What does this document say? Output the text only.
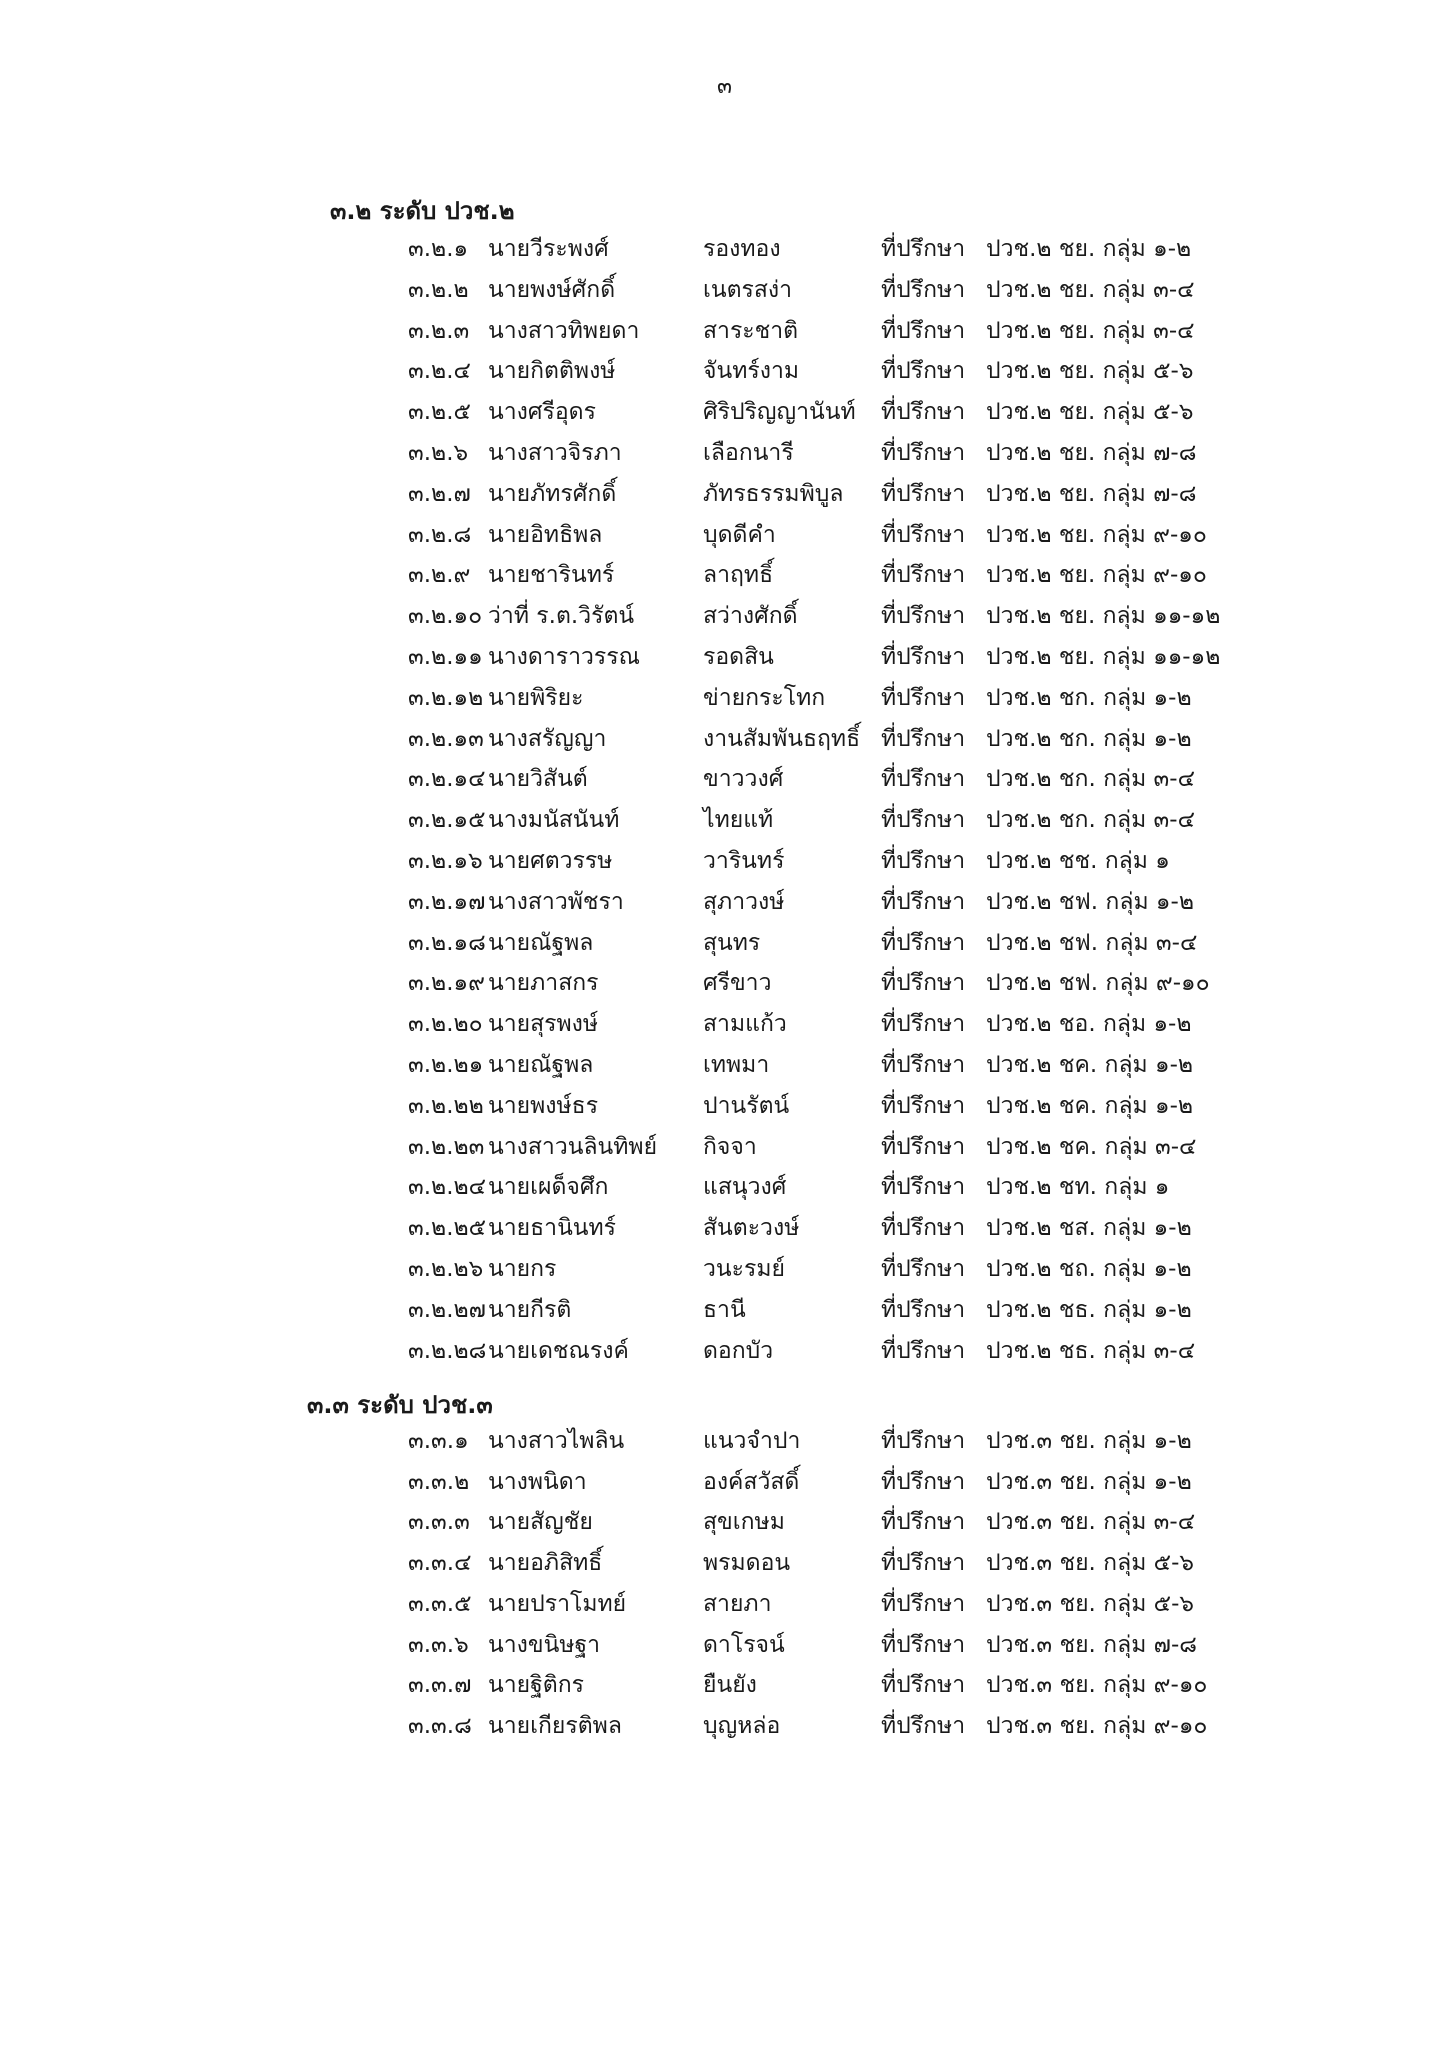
๓
๓.๒ ระดับ ปวช.๒
๓.๓ ระดับ ปวช.๓
๓.๒.๑ นายวีระพงศ์	รองทอง	ที่ปรึกษา ปวช.๒ ชย. กลุ่ม ๑-๒
๓.๒.๒ นายพงษ์ศักดิ์	เนตรสง่า	ที่ปรึกษา ปวช.๒ ชย. กลุ่ม ๓-๔
๓.๒.๓ นางสาวทิพยดา	สาระชาติ	ที่ปรึกษา ปวช.๒ ชย. กลุ่ม ๓-๔
๓.๒.๔ นายกิตติพงษ์	จันทร์งาม	ที่ปรึกษา ปวช.๒ ชย. กลุ่ม ๕-๖
๓.๒.๕ นางศรีอุดร	ศิริปริญญานันท์ ที่ปรึกษา ปวช.๒ ชย. กลุ่ม ๕-๖
๓.๒.๖ นางสาวจิรภา	เลือกนารี	ที่ปรึกษา ปวช.๒ ชย. กลุ่ม ๗-๘
๓.๒.๗ นายภัทรศักดิ์	ภัทรธรรมพิบูล ที่ปรึกษา ปวช.๒ ชย. กลุ่ม ๗-๘
๓.๒.๘ นายอิทธิพล	บุดดีคำ	ที่ปรึกษา ปวช.๒ ชย. กลุ่ม ๙-๑๐
๓.๒.๙ นายชารินทร์	ลาฤทธิ์	ที่ปรึกษา ปวช.๒ ชย. กลุ่ม ๙-๑๐
๓.๒.๑๐ ว่าที่ ร.ต.วิรัตน์	สว่างศักดิ์	ที่ปรึกษา ปวช.๒ ชย. กลุ่ม ๑๑-๑๒
๓.๒.๑๑ นางดาราวรรณ	รอดสิน	ที่ปรึกษา ปวช.๒ ชย. กลุ่ม ๑๑-๑๒
๓.๒.๑๒ นายพิริยะ	ข่ายกระโทก ที่ปรึกษา ปวช.๒ ชก. กลุ่ม ๑-๒
๓.๒.๑๓ นางสรัญญา	งานสัมพันธฤทธิ์ ที่ปรึกษา ปวช.๒ ชก. กลุ่ม ๑-๒
๓.๒.๑๔ นายวิสันต์	ขาววงศ์	ที่ปรึกษา ปวช.๒ ชก. กลุ่ม ๓-๔
๓.๒.๑๕ นางมนัสนันท์	ไทยแท้	ที่ปรึกษา ปวช.๒ ชก. กลุ่ม ๓-๔
๓.๒.๑๖ นายศตวรรษ	วารินทร์	ที่ปรึกษา ปวช.๒ ชช. กลุ่ม ๑
๓.๒.๑๗ นางสาวพัชรา	สุภาวงษ์	ที่ปรึกษา ปวช.๒ ชฟ. กลุ่ม ๑-๒
๓.๒.๑๘ นายณัฐพล	สุนทร	ที่ปรึกษา ปวช.๒ ชฟ. กลุ่ม ๓-๔
๓.๒.๑๙ นายภาสกร	ศรีขาว	ที่ปรึกษา ปวช.๒ ชฟ. กลุ่ม ๙-๑๐
๓.๒.๒๐ นายสุรพงษ์	สามแก้ว	ที่ปรึกษา ปวช.๒ ชอ. กลุ่ม ๑-๒
๓.๒.๒๑ นายณัฐพล	เทพมา	ที่ปรึกษา ปวช.๒ ชค. กลุ่ม ๑-๒
๓.๒.๒๒ นายพงษ์ธร	ปานรัตน์	ที่ปรึกษา ปวช.๒ ชค. กลุ่ม ๑-๒
๓.๒.๒๓ นางสาวนลินทิพย์ กิจจา	ที่ปรึกษา ปวช.๒ ชค. กลุ่ม ๓-๔
๓.๒.๒๔ นายเผด็จศึก	แสนุวงศ์	ที่ปรึกษา ปวช.๒ ชท. กลุ่ม ๑
๓.๒.๒๕ นายธานินทร์	สันตะวงษ์	ที่ปรึกษา ปวช.๒ ชส. กลุ่ม ๑-๒
๓.๒.๒๖ นายกร	วนะรมย์	ที่ปรึกษา ปวช.๒ ชถ. กลุ่ม ๑-๒
๓.๒.๒๗ นายกีรติ	ธานี	ที่ปรึกษา ปวช.๒ ชธ. กลุ่ม ๑-๒
๓.๒.๒๘ นายเดชณรงค์	ดอกบัว	ที่ปรึกษา ปวช.๒ ชธ. กลุ่ม ๓-๔
๓.๓.๑ นางสาวไพลิน	แนวจำปา	ที่ปรึกษา ปวช.๓ ชย. กลุ่ม ๑-๒
๓.๓.๒ นางพนิดา	องค์สวัสดิ์	ที่ปรึกษา ปวช.๓ ชย. กลุ่ม ๑-๒
๓.๓.๓ นายสัญชัย	สุขเกษม	ที่ปรึกษา ปวช.๓ ชย. กลุ่ม ๓-๔
๓.๓.๔ นายอภิสิทธิ์	พรมดอน	ที่ปรึกษา ปวช.๓ ชย. กลุ่ม ๕-๖
๓.๓.๕ นายปราโมทย์	สายภา	ที่ปรึกษา ปวช.๓ ชย. กลุ่ม ๕-๖
๓.๓.๖ นางขนิษฐา	ดาโรจน์	ที่ปรึกษา ปวช.๓ ชย. กลุ่ม ๗-๘
๓.๓.๗ นายฐิติกร	ยืนยัง	ที่ปรึกษา ปวช.๓ ชย. กลุ่ม ๙-๑๐
๓.๓.๘ นายเกียรติพล	บุญหล่อ	ที่ปรึกษา ปวช.๓ ชย. กลุ่ม ๙-๑๐
